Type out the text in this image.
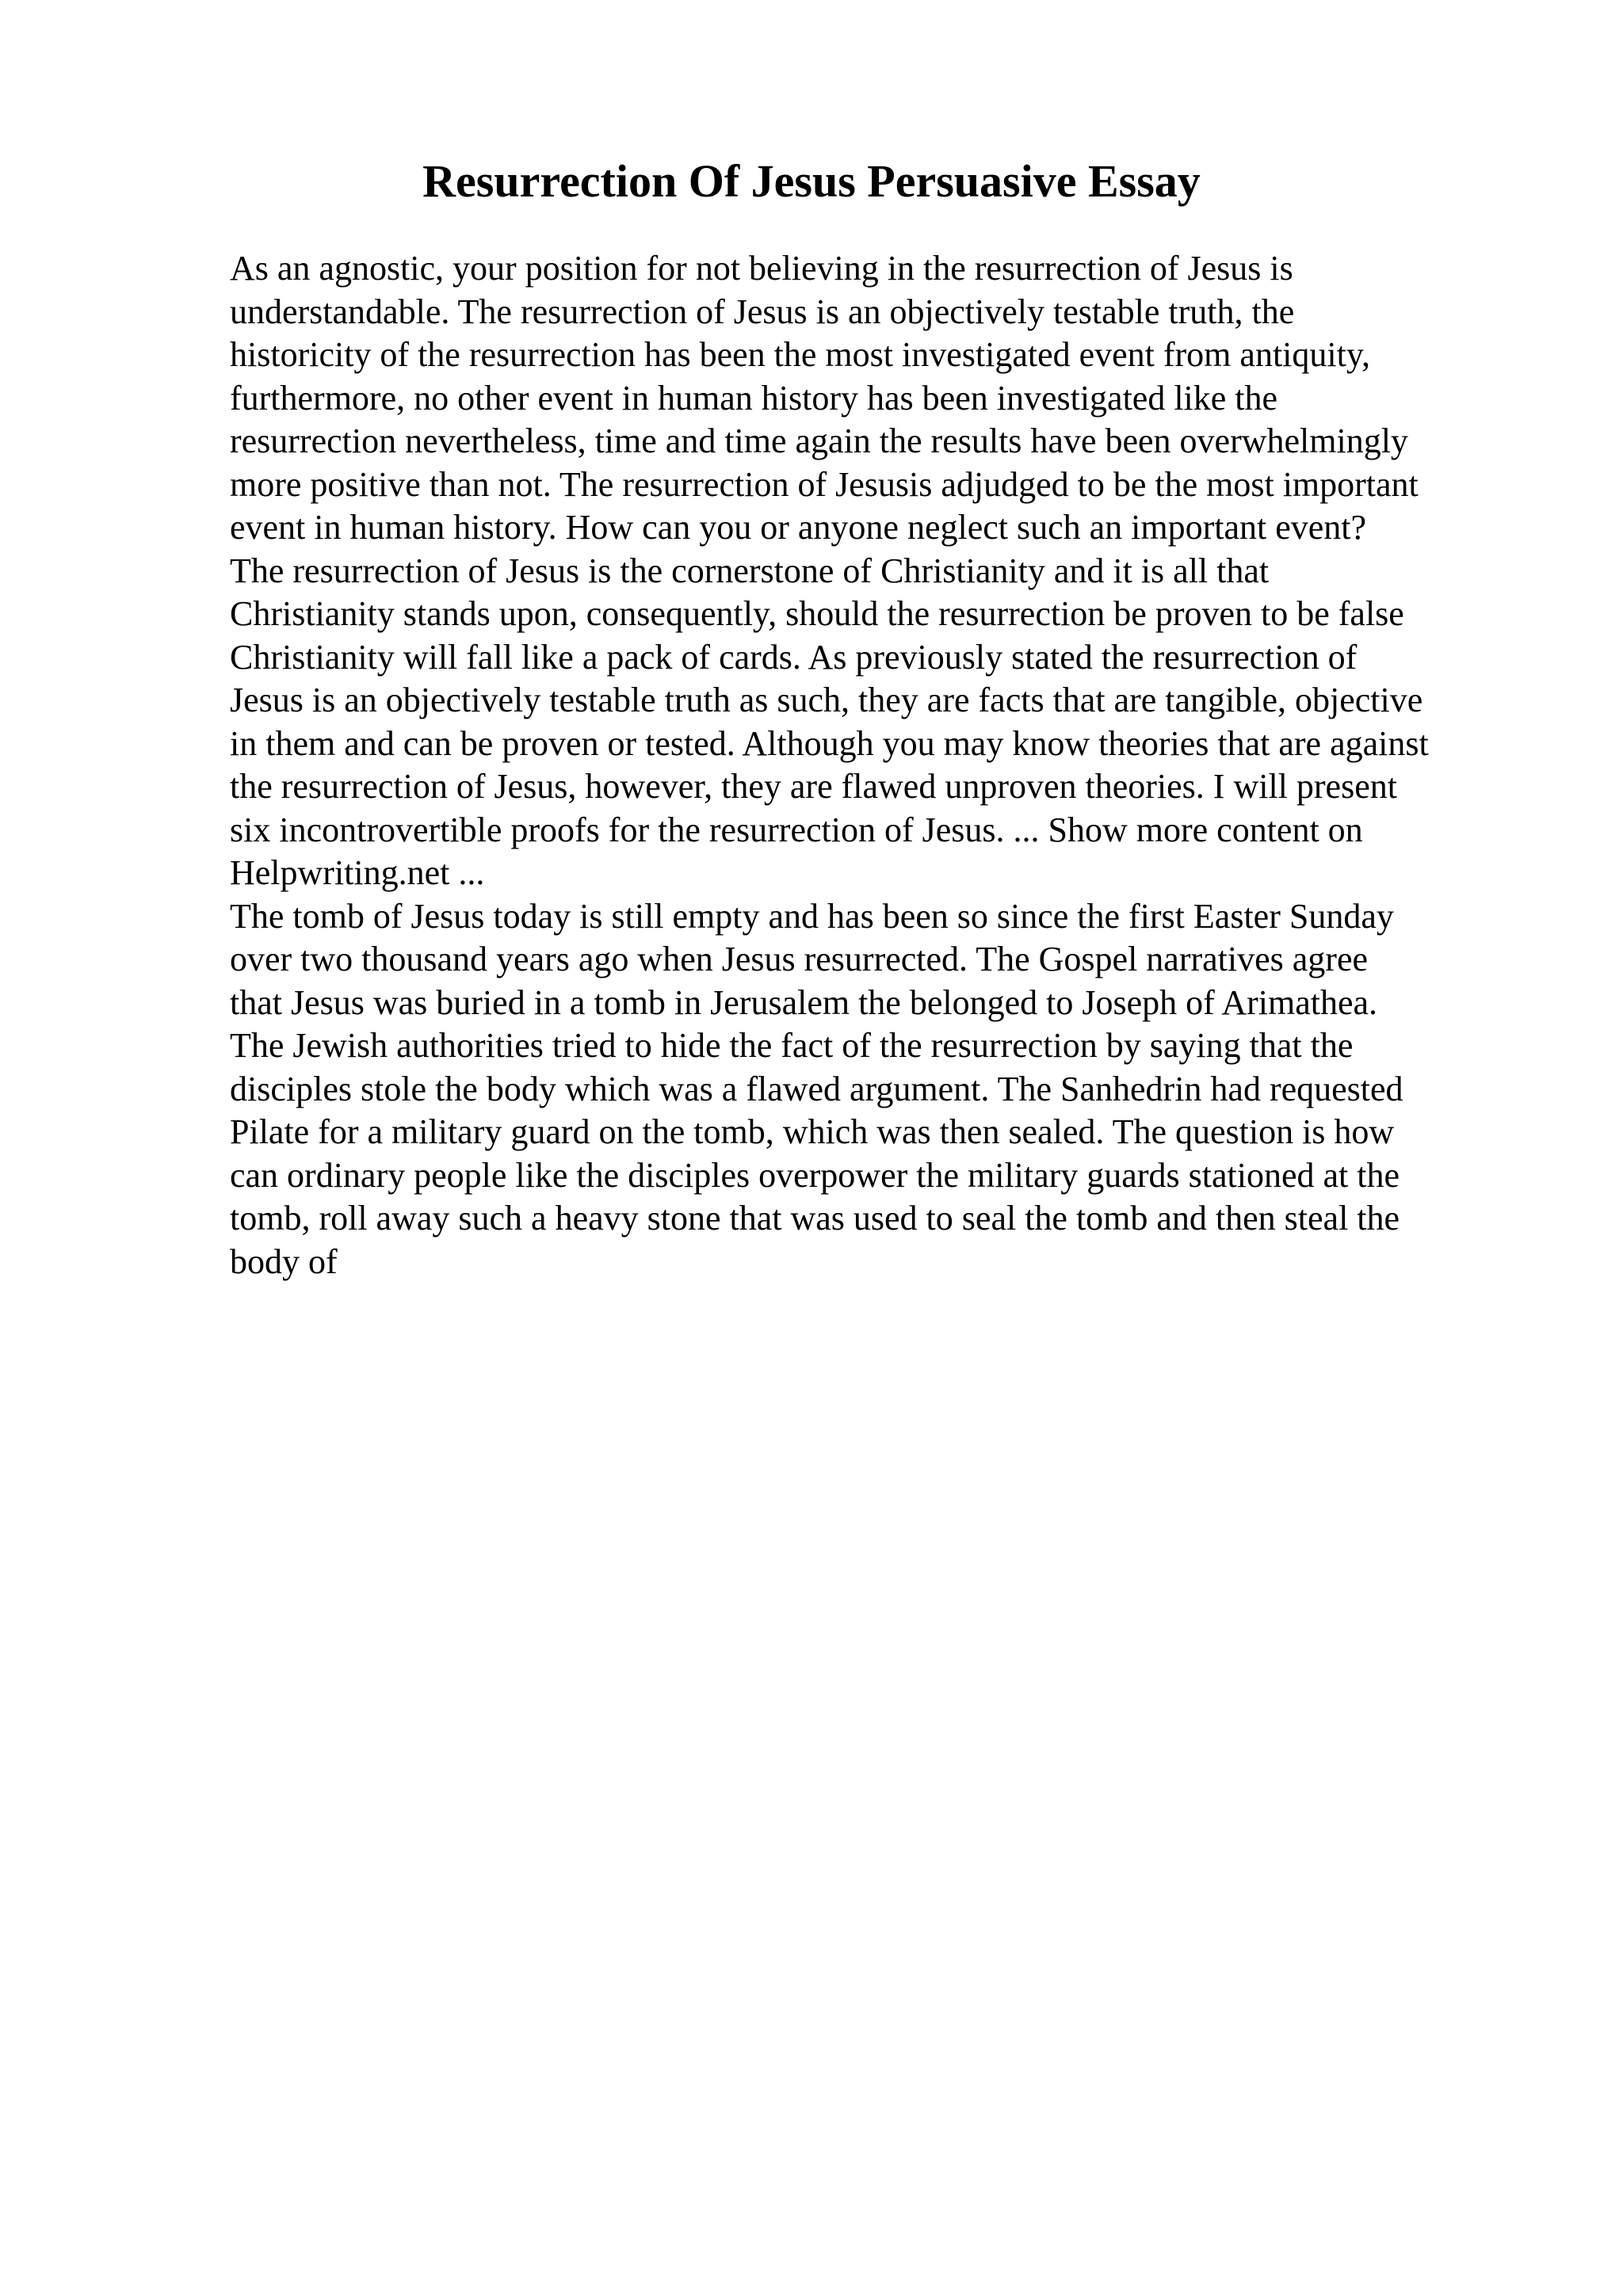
Resurrection Of Jesus Persuasive Essay
As an agnostic, your position for not believing in the resurrection of Jesus is
understandable. The resurrection of Jesus is an objectively testable truth, the
historicity of the resurrection has been the most investigated event from antiquity,
furthermore, no other event in human history has been investigated like the
resurrection nevertheless, time and time again the results have been overwhelmingly
more positive than not. The resurrection of Jesusis adjudged to be the most important
event in human history. How can you or anyone neglect such an important event?
The resurrection of Jesus is the cornerstone of Christianity and it is all that
Christianity stands upon, consequently, should the resurrection be proven to be false
Christianity will fall like a pack of cards. As previously stated the resurrection of
Jesus is an objectively testable truth as such, they are facts that are tangible, objective
in them and can be proven or tested. Although you may know theories that are against
the resurrection of Jesus, however, they are flawed unproven theories. I will present
six incontrovertible proofs for the resurrection of Jesus. ... Show more content on
Helpwriting.net ...
The tomb of Jesus today is still empty and has been so since the first Easter Sunday
over two thousand years ago when Jesus resurrected. The Gospel narratives agree
that Jesus was buried in a tomb in Jerusalem the belonged to Joseph of Arimathea.
The Jewish authorities tried to hide the fact of the resurrection by saying that the
disciples stole the body which was a flawed argument. The Sanhedrin had requested
Pilate for a military guard on the tomb, which was then sealed. The question is how
can ordinary people like the disciples overpower the military guards stationed at the
tomb, roll away such a heavy stone that was used to seal the tomb and then steal the
body of
